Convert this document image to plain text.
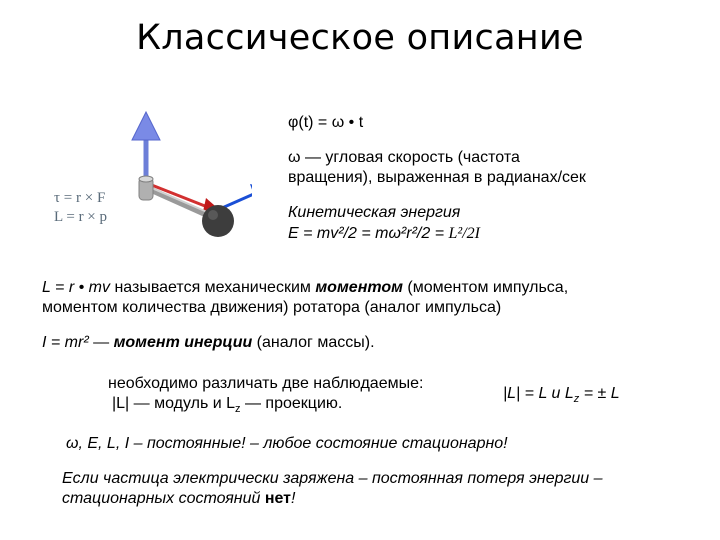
Классическое описание
τ = r × F
L = r × p
φ(t) = ω • t
ω — угловая скорость (частота
вращения), выраженная в радианах/сек
Кинетическая энергия
E = mv²/2 = mω²r²/2 = L²/2I
L = r • mv называется механическим моментом (моментом импульса,
моментом количества движения) ротатора (аналог импульса)
I = mr² — момент инерции (аналог массы).
необходимо различать две наблюдаемые:
|L| — модуль и $L_z$ — проекцию.
|L| = L и $L_z$ = ± L
ω, E, L, I – постоянные! – любое состояние стационарно!
Если частица электрически заряжена – постоянная потеря энергии –
стационарных состояний нет!
